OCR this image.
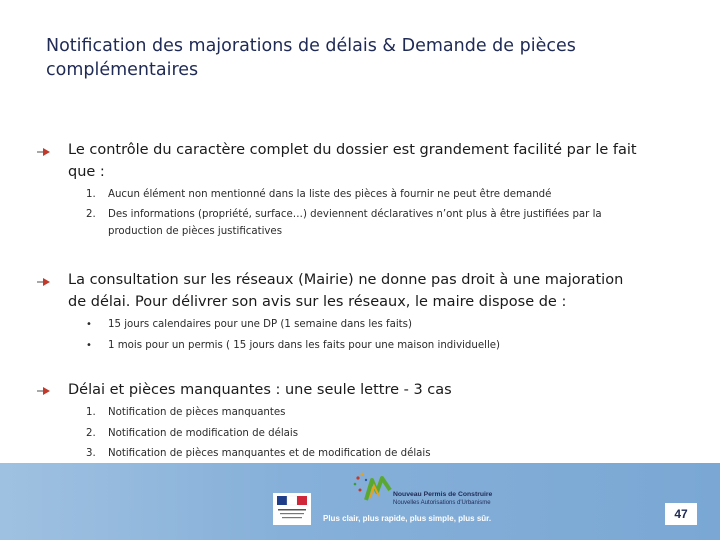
Notification des majorations de délais & Demande de pièces complémentaires
Le contrôle du caractère complet du dossier est grandement facilité par le fait
que :
1. Aucun élément non mentionné dans la liste des pièces à fournir ne peut être demandé
2. Des informations (propriété, surface…) deviennent déclaratives n’ont plus à être justifiées par la
production de pièces justificatives
La consultation sur les réseaux (Mairie) ne donne pas droit à une majoration
de délai. Pour délivrer son avis sur les réseaux, le maire dispose de :
• 15 jours calendaires pour une DP (1 semaine dans les faits)
• 1 mois pour un permis ( 15 jours dans les faits pour une maison individuelle)
Délai et pièces manquantes : une seule lettre - 3 cas
1. Notification de pièces manquantes
2. Notification de modification de délais
3. Notification de pièces manquantes et de modification de délais
Nouveau Permis de Construire
Nouvelles Autorisations d'Urbanisme
Plus clair, plus rapide, plus simple, plus sûr.	47
